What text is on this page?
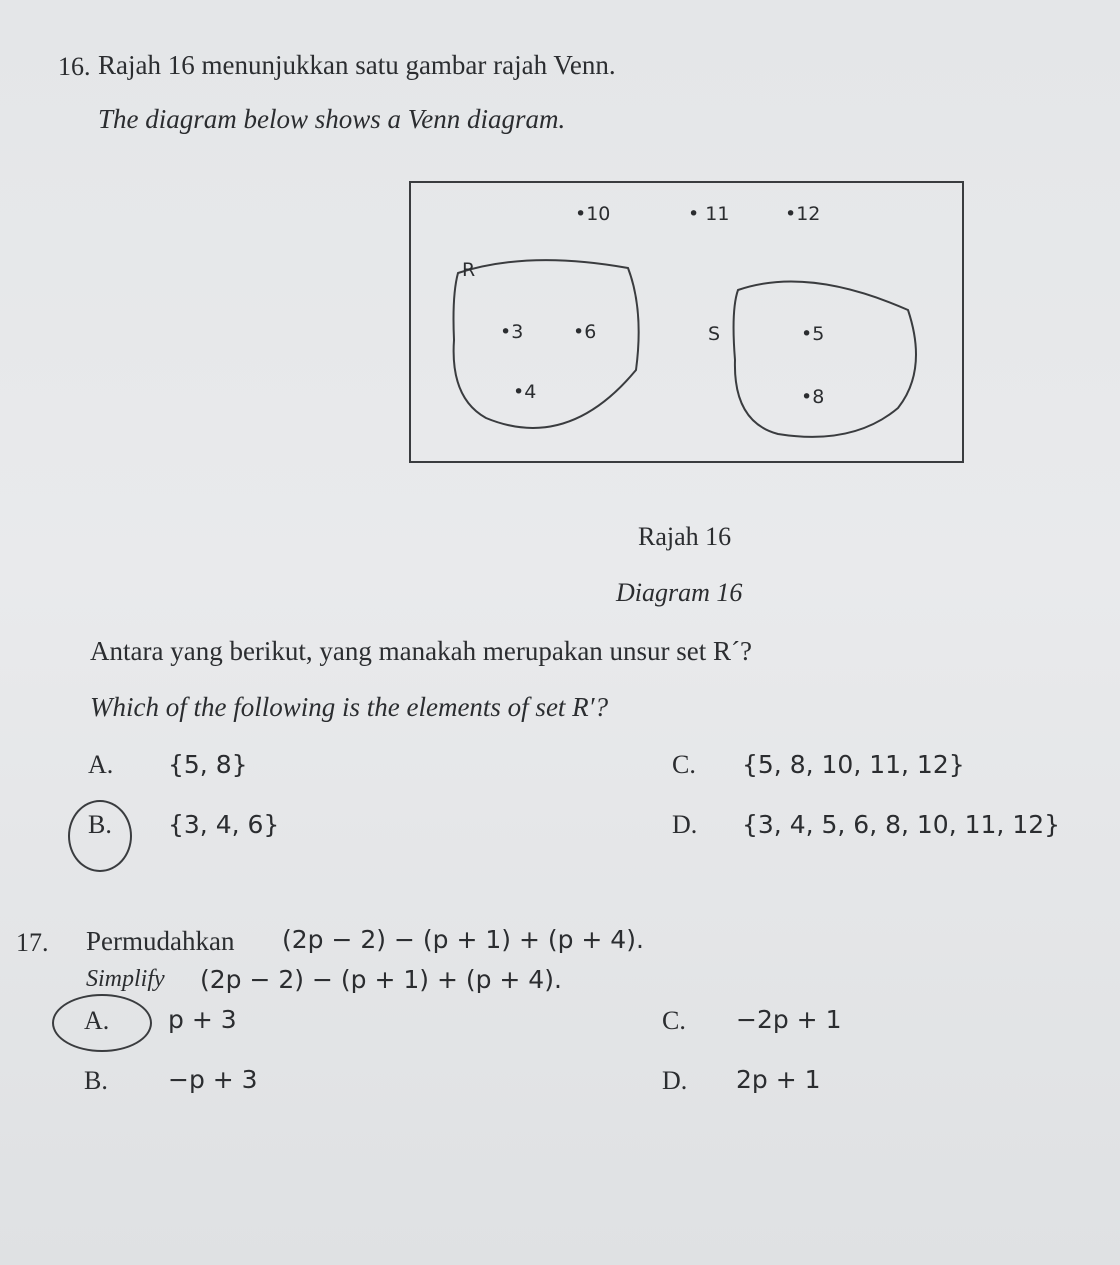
16. Rajah 16 menunjukkan satu gambar rajah Venn.
The diagram below shows a Venn diagram.
•10	• 11	•12
R
•3	•6
•4
S	•5
•8
Rajah 16
Diagram 16
Antara yang berikut, yang manakah merupakan unsur set R´?
Which of the following is the elements of set R′?
A. {5, 8}
B. {3, 4, 6}
C. {5, 8, 10, 11, 12}
D. {3, 4, 5, 6, 8, 10, 11, 12}
17. Permudahkan (2p − 2) − (p + 1) + (p + 4).
Simplify (2p − 2) − (p + 1) + (p + 4).
A. p + 3
B. −p + 3
C. −2p + 1
D. 2p + 1
